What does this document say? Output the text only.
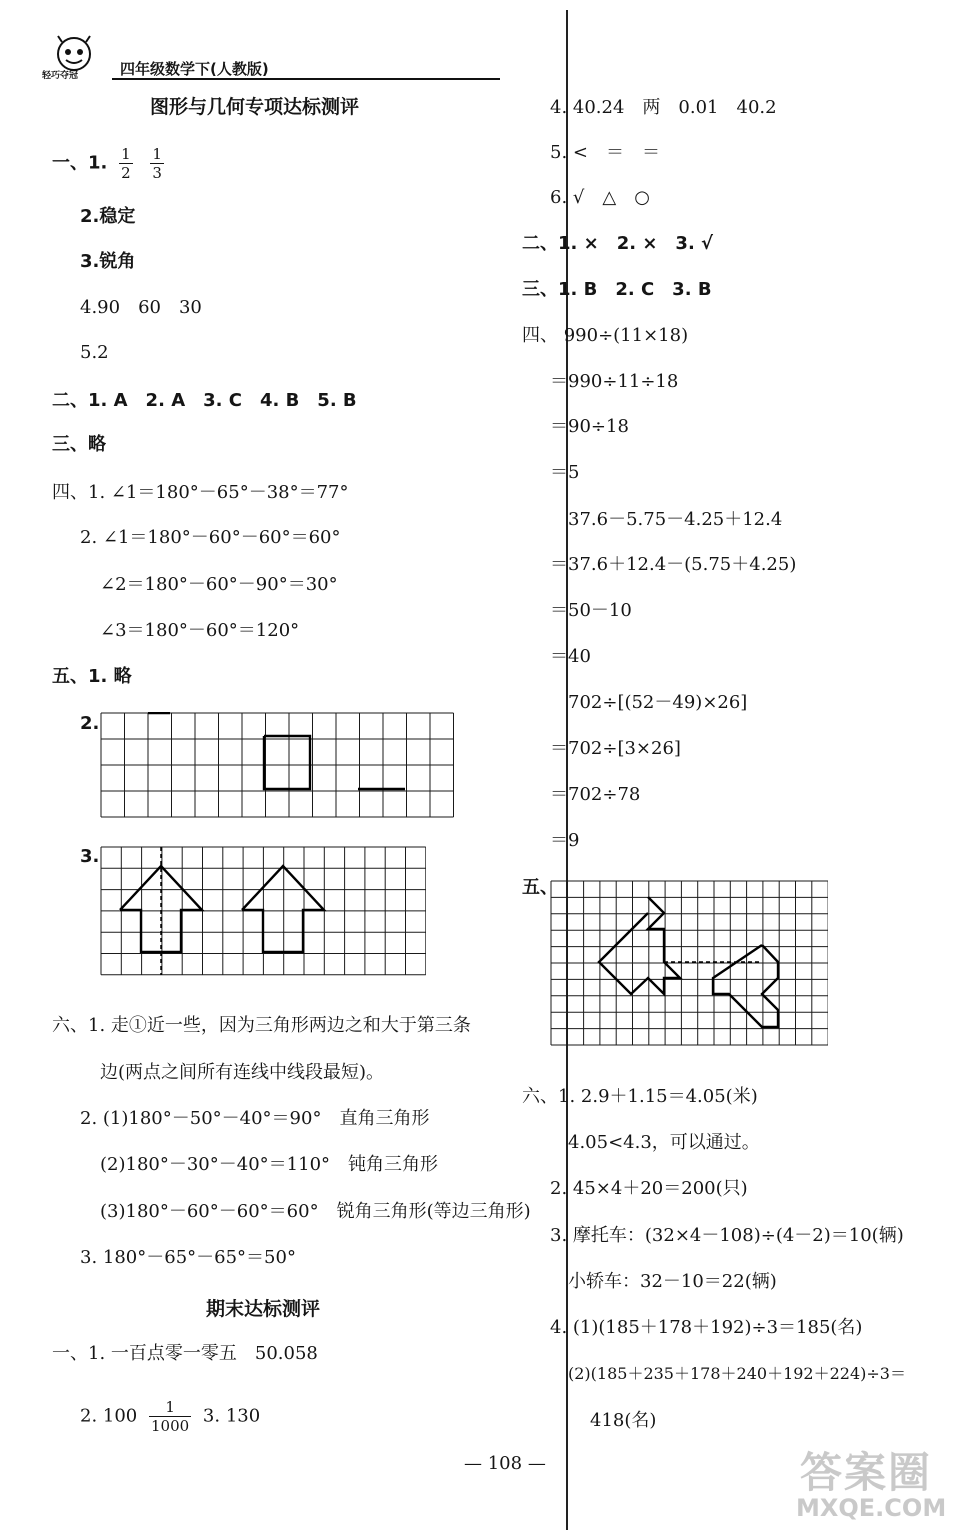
轻巧夺冠	四年级数学下(人教版)
图形与几何专项达标测评
一、1. $\frac{1}{2}$
$\frac{1}{3}$
2.稳定
3.锐角
4.90　60　30
5.2
二、1. A　2. A　3. C　4. B　5. B
三、略
四、1. ∠1＝180°－65°－38°＝77°
2. ∠1＝180°－60°－60°＝60°
∠2＝180°－60°－90°＝30°
∠3＝180°－60°＝120°
五、1. 略
2.
3.
六、1. 走①近一些，因为三角形两边之和大于第三条
边(两点之间所有连线中线段最短)。
2. (1)180°－50°－40°＝90°　直角三角形
(2)180°－30°－40°＝110°　钝角三角形
(3)180°－60°－60°＝60°　锐角三角形(等边三角形)
3. 180°－65°－65°＝50°
期末达标测评
一、1. 一百点零一零五　50.058
2. $100 \frac{1}{1000} 3$. 130
4. 40.24　两　0.01　40.2
5. <　＝　＝
6. √　△　○
二、1. ×　2. ×　3. √
三、1. B　2. C　3. B
四、 990÷(11×18)
＝990÷11÷18
＝90÷18
＝5
37.6－5.75－4.25＋12.4
＝37.6＋12.4－(5.75＋4.25)
＝50－10
＝40
702÷[(52－49)×26]
＝702÷[3×26]
＝702÷78
＝9
五、
六、1. 2.9＋1.15＝4.05(米)
4.05<4.3，可以通过。
2. 45×4＋20＝200(只)
3. 摩托车：(32×4－108)÷(4－2)＝10(辆)
小轿车：32－10＝22(辆)
4. (1)(185＋178＋192)÷3＝185(名)
(2)(185＋235＋178＋240＋192＋224)÷3＝
418(名)
— 108 —	答案圈
MXQE.COM
